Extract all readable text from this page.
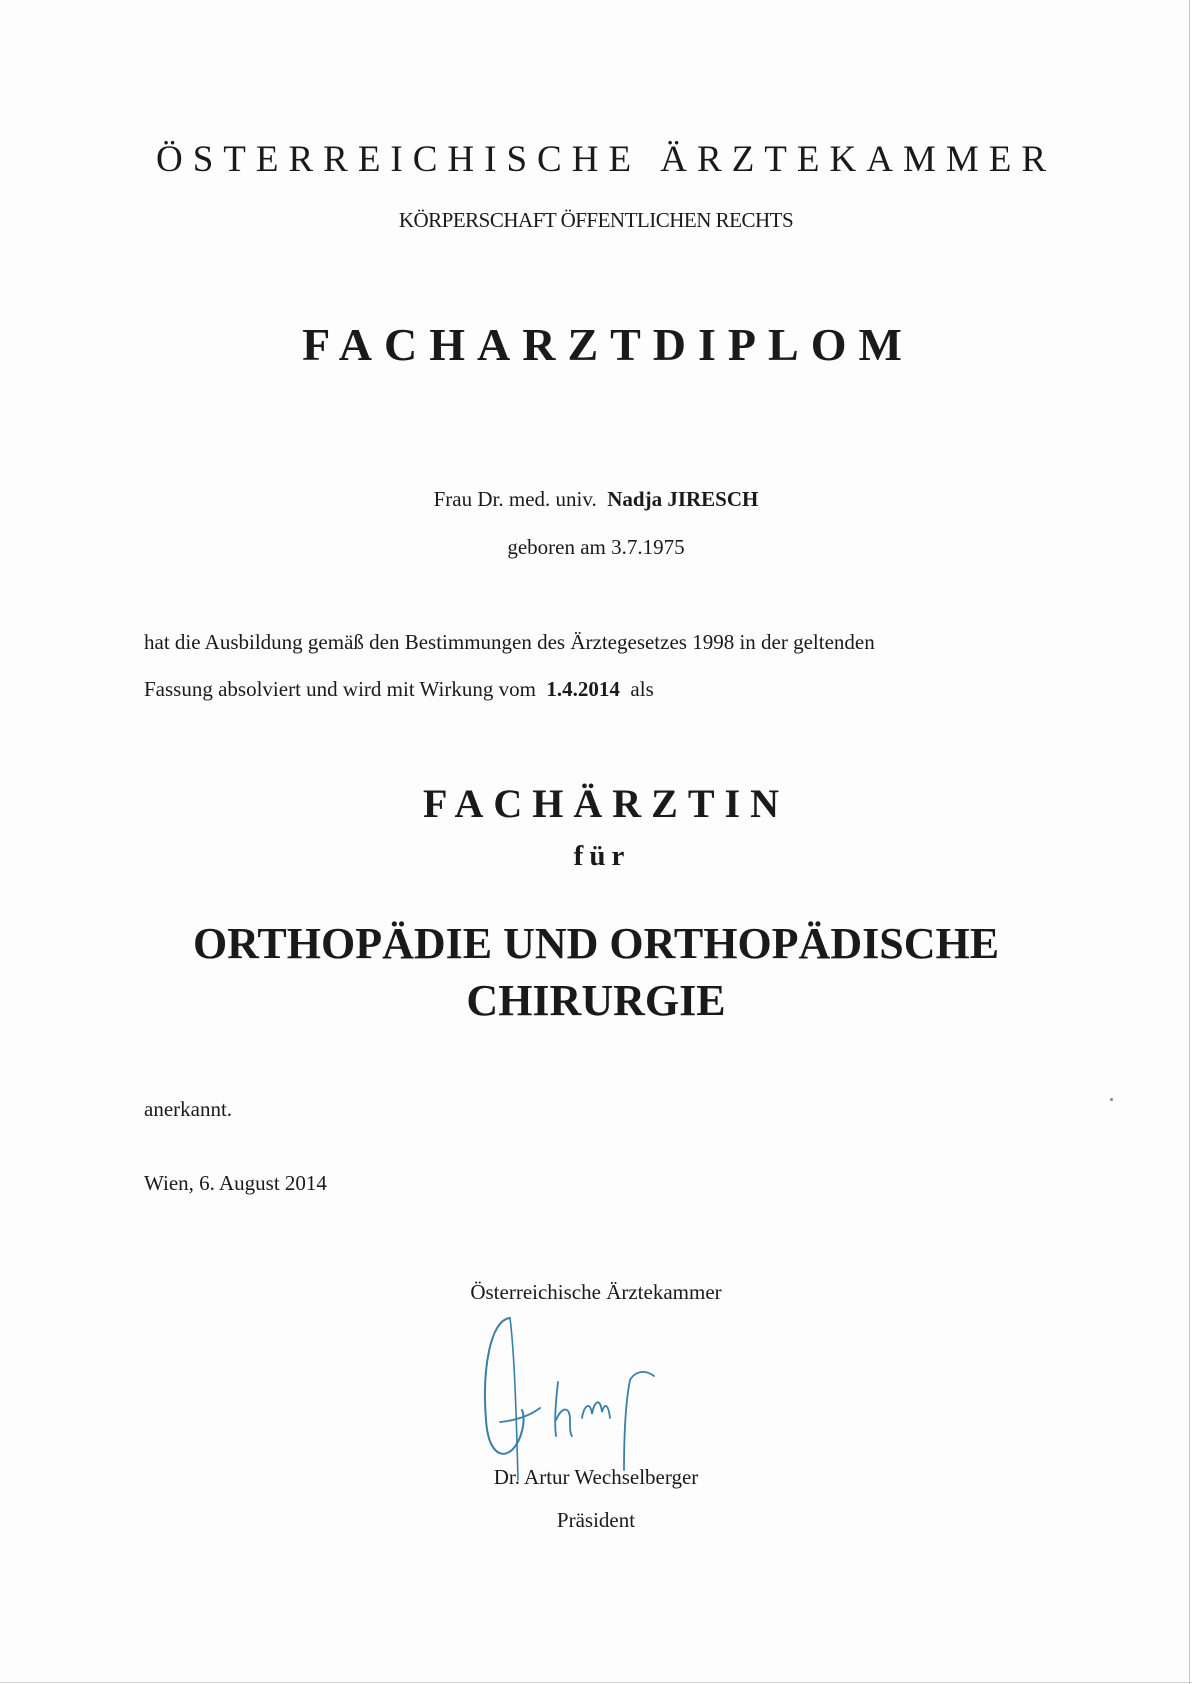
ÖSTERREICHISCHE ÄRZTEKAMMER
KÖRPERSCHAFT ÖFFENTLICHEN RECHTS
FACHARZTDIPLOM
Frau Dr. med. univ. Nadja JIRESCH
geboren am 3.7.1975
hat die Ausbildung gemäß den Bestimmungen des Ärztegesetzes 1998 in der geltenden
Fassung absolviert und wird mit Wirkung vom 1.4.2014 als
FACHÄRZTIN
für
ORTHOPÄDIE UND ORTHOPÄDISCHE
CHIRURGIE
anerkannt.
Wien, 6. August 2014
Österreichische Ärztekammer
Dr. Artur Wechselberger
Präsident
